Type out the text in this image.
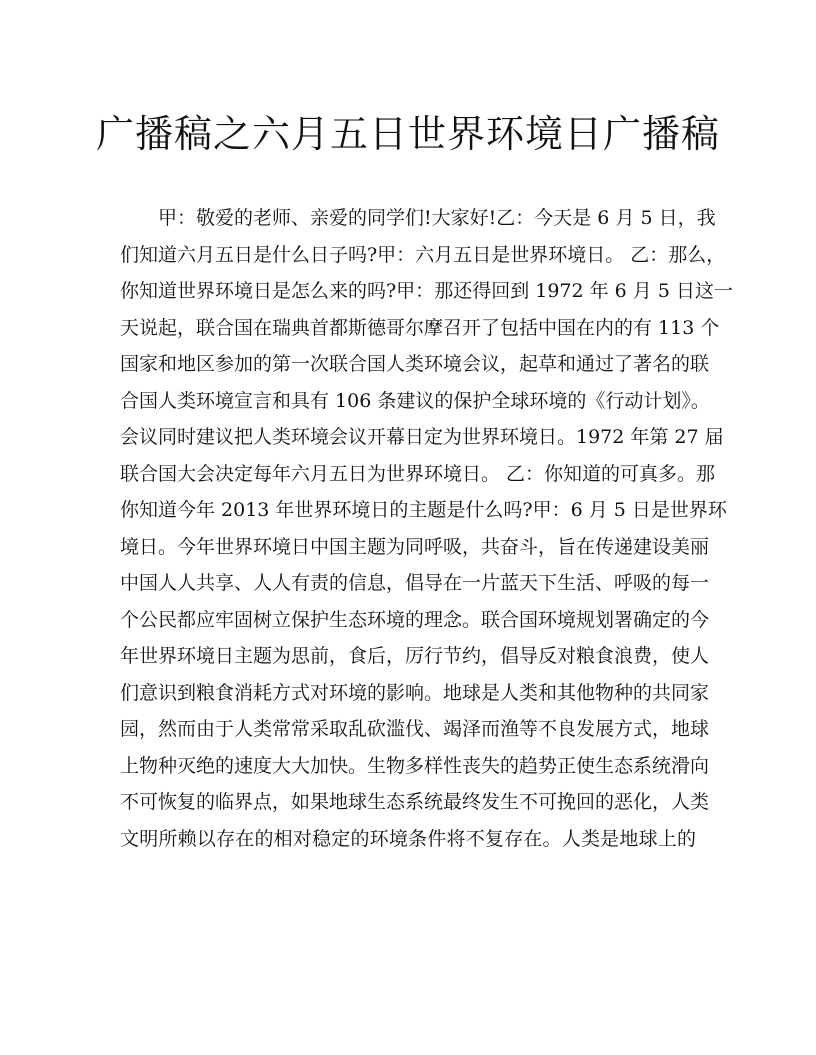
广播稿之六月五日世界环境日广播稿
甲：敬爱的老师、亲爱的同学们!大家好!乙：今天是 6 月 5 日，我
们知道六月五日是什么日子吗?甲：六月五日是世界环境日。 乙：那么，
你知道世界环境日是怎么来的吗?甲：那还得回到 1972 年 6 月 5 日这一
天说起，联合国在瑞典首都斯德哥尔摩召开了包括中国在内的有 113 个
国家和地区参加的第一次联合国人类环境会议，起草和通过了著名的联
合国人类环境宣言和具有 106 条建议的保护全球环境的《行动计划》。
会议同时建议把人类环境会议开幕日定为世界环境日。1972 年第 27 届
联合国大会决定每年六月五日为世界环境日。 乙：你知道的可真多。那
你知道今年 2013 年世界环境日的主题是什么吗?甲：6 月 5 日是世界环
境日。今年世界环境日中国主题为同呼吸，共奋斗，旨在传递建设美丽
中国人人共享、人人有责的信息，倡导在一片蓝天下生活、呼吸的每一
个公民都应牢固树立保护生态环境的理念。联合国环境规划署确定的今
年世界环境日主题为思前，食后，厉行节约，倡导反对粮食浪费，使人
们意识到粮食消耗方式对环境的影响。地球是人类和其他物种的共同家
园，然而由于人类常常采取乱砍滥伐、竭泽而渔等不良发展方式，地球
上物种灭绝的速度大大加快。生物多样性丧失的趋势正使生态系统滑向
不可恢复的临界点，如果地球生态系统最终发生不可挽回的恶化，人类
文明所赖以存在的相对稳定的环境条件将不复存在。人类是地球上的
